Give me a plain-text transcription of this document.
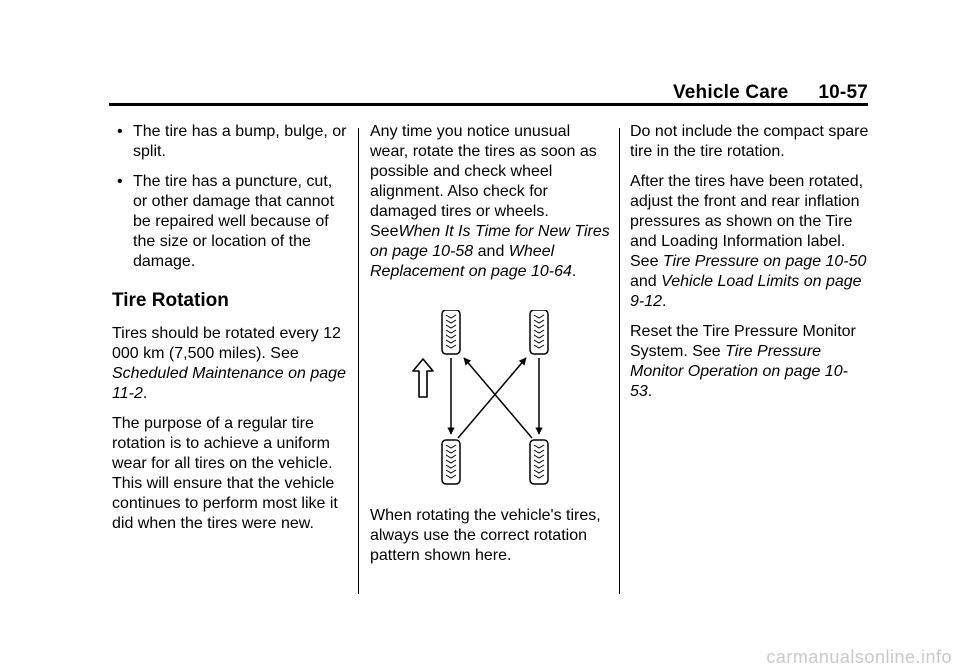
Vehicle Care 10-57
• The tire has a bump, bulge, or split.
• The tire has a puncture, cut, or other damage that cannot be repaired well because of the size or location of the damage.
Tire Rotation

Tires should be rotated every 12 000 km (7,500 miles). See Scheduled Maintenance on page 11-2.

The purpose of a regular tire rotation is to achieve a uniform wear for all tires on the vehicle. This will ensure that the vehicle continues to perform most like it did when the tires were new.

Any time you notice unusual wear, rotate the tires as soon as possible and check wheel alignment. Also check for damaged tires or wheels. SeeWhen It Is Time for New Tires on page 10-58 and Wheel Replacement on page 10-64.

When rotating the vehicle's tires, always use the correct rotation pattern shown here.

Do not include the compact spare tire in the tire rotation.

After the tires have been rotated, adjust the front and rear inflation pressures as shown on the Tire and Loading Information label. See Tire Pressure on page 10-50 and Vehicle Load Limits on page 9-12.

Reset the Tire Pressure Monitor System. See Tire Pressure Monitor Operation on page 10-53.

carmanualsonline.info
